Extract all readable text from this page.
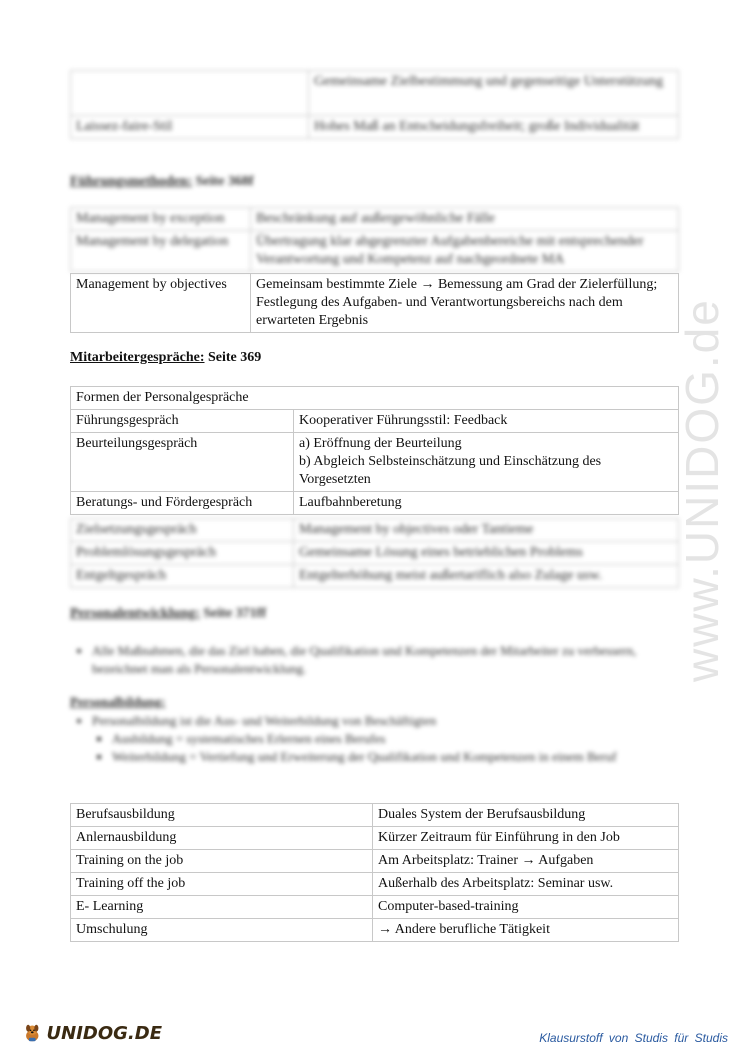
	Gemeinsame Zielbestimmung und gegenseitige Unterstützung
Laissez-faire-Stil	Hohes Maß an Entscheidungsfreiheit; große Individualität
Führungsmethoden: Seite 368f
Management by exception	Beschränkung auf außergewöhnliche Fälle
Management by delegation	Übertragung klar abgegrenzter Aufgabenbereiche mit entsprechender Verantwortung und Kompetenz auf nachgeordnete MA
Management by objectives	Gemeinsam bestimmte Ziele → Bemessung am Grad der Zielerfüllung; Festlegung des Aufgaben- und Verantwortungsbereichs nach dem erwarteten Ergebnis
Mitarbeitergespräche: Seite 369
Formen der Personalgespräche	
Führungsgespräch	Kooperativer Führungsstil: Feedback
Beurteilungsgespräch	a) Eröffnung der Beurteilung
b) Abgleich Selbsteinschätzung und Einschätzung des Vorgesetzten

Beratungs- und Fördergespräch	Laufbahnberetung
Zielsetzungsgespräch	Management by objectives oder Tantieme
Problemlösungsgespräch	Gemeinsame Lösung eines betrieblichen Problems
Entgeltgespräch	Entgelterhöhung meist außertariflich also Zulage usw.
Personalentwicklung: Seite 371ff
• Alle Maßnahmen, die das Ziel haben, die Qualifikation und Kompetenzen der Mitarbeiter zu verbessern, bezeichnet man als Personalentwicklung.
Personalbildung:
• Personalbildung ist die Aus- und Weiterbildung von Beschäftigten
▪ Ausbildung = systematisches Erlernen eines Berufes
▪ Weiterbildung = Vertiefung und Erweiterung der Qualifikation und Kompetenzen in einem Beruf
Berufsausbildung	Duales System der Berufsausbildung
Anlernausbildung	Kürzer Zeitraum für Einführung in den Job
Training on the job	Am Arbeitsplatz: Trainer → Aufgaben
Training off the job	Außerhalb des Arbeitsplatz: Seminar usw.
E- Learning	Computer-based-training
Umschulung	→ Andere berufliche Tätigkeit
www.UNIDOG.de
UNIDOG.DE	Klausurstoff von Studis für Studis
